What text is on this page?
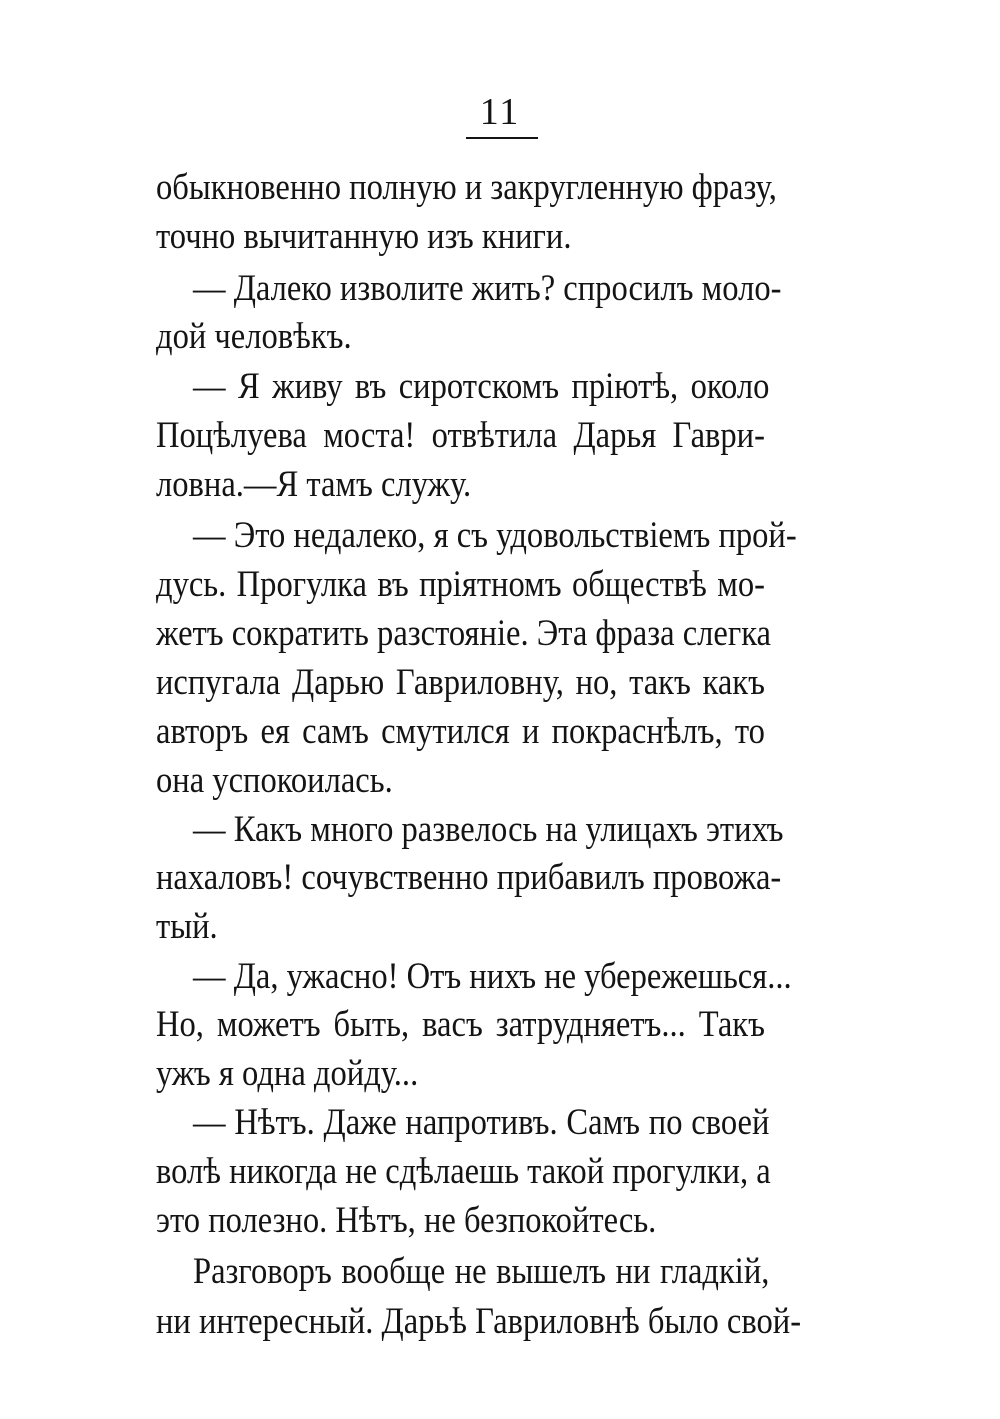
11
обыкновенно полную и закругленную фразу,
точно вычитанную изъ книги.
— Далеко изволите жить? спросилъ моло-
дой человѣкъ.
— Я живу въ сиротскомъ пріютѣ, около
Поцѣлуева моста! отвѣтила Дарья Гаври-
ловна.—Я тамъ служу.
— Это недалеко, я съ удовольствіемъ прой-
дусь. Прогулка въ пріятномъ обществѣ мо-
жетъ сократить разстояніе. Эта фраза слегка
испугала Дарью Гавриловну, но, такъ какъ
авторъ ея самъ смутился и покраснѣлъ, то
она успокоилась.
— Какъ много развелось на улицахъ этихъ
нахаловъ! сочувственно прибавилъ провожа-
тый.
— Да, ужасно! Отъ нихъ не убережешься...
Но, можетъ быть, васъ затрудняетъ... Такъ
ужъ я одна дойду...
— Нѣтъ. Даже напротивъ. Самъ по своей
волѣ никогда не сдѣлаешь такой прогулки, а
это полезно. Нѣтъ, не безпокойтесь.
Разговоръ вообще не вышелъ ни гладкій,
ни интересный. Дарьѣ Гавриловнѣ было свой-
